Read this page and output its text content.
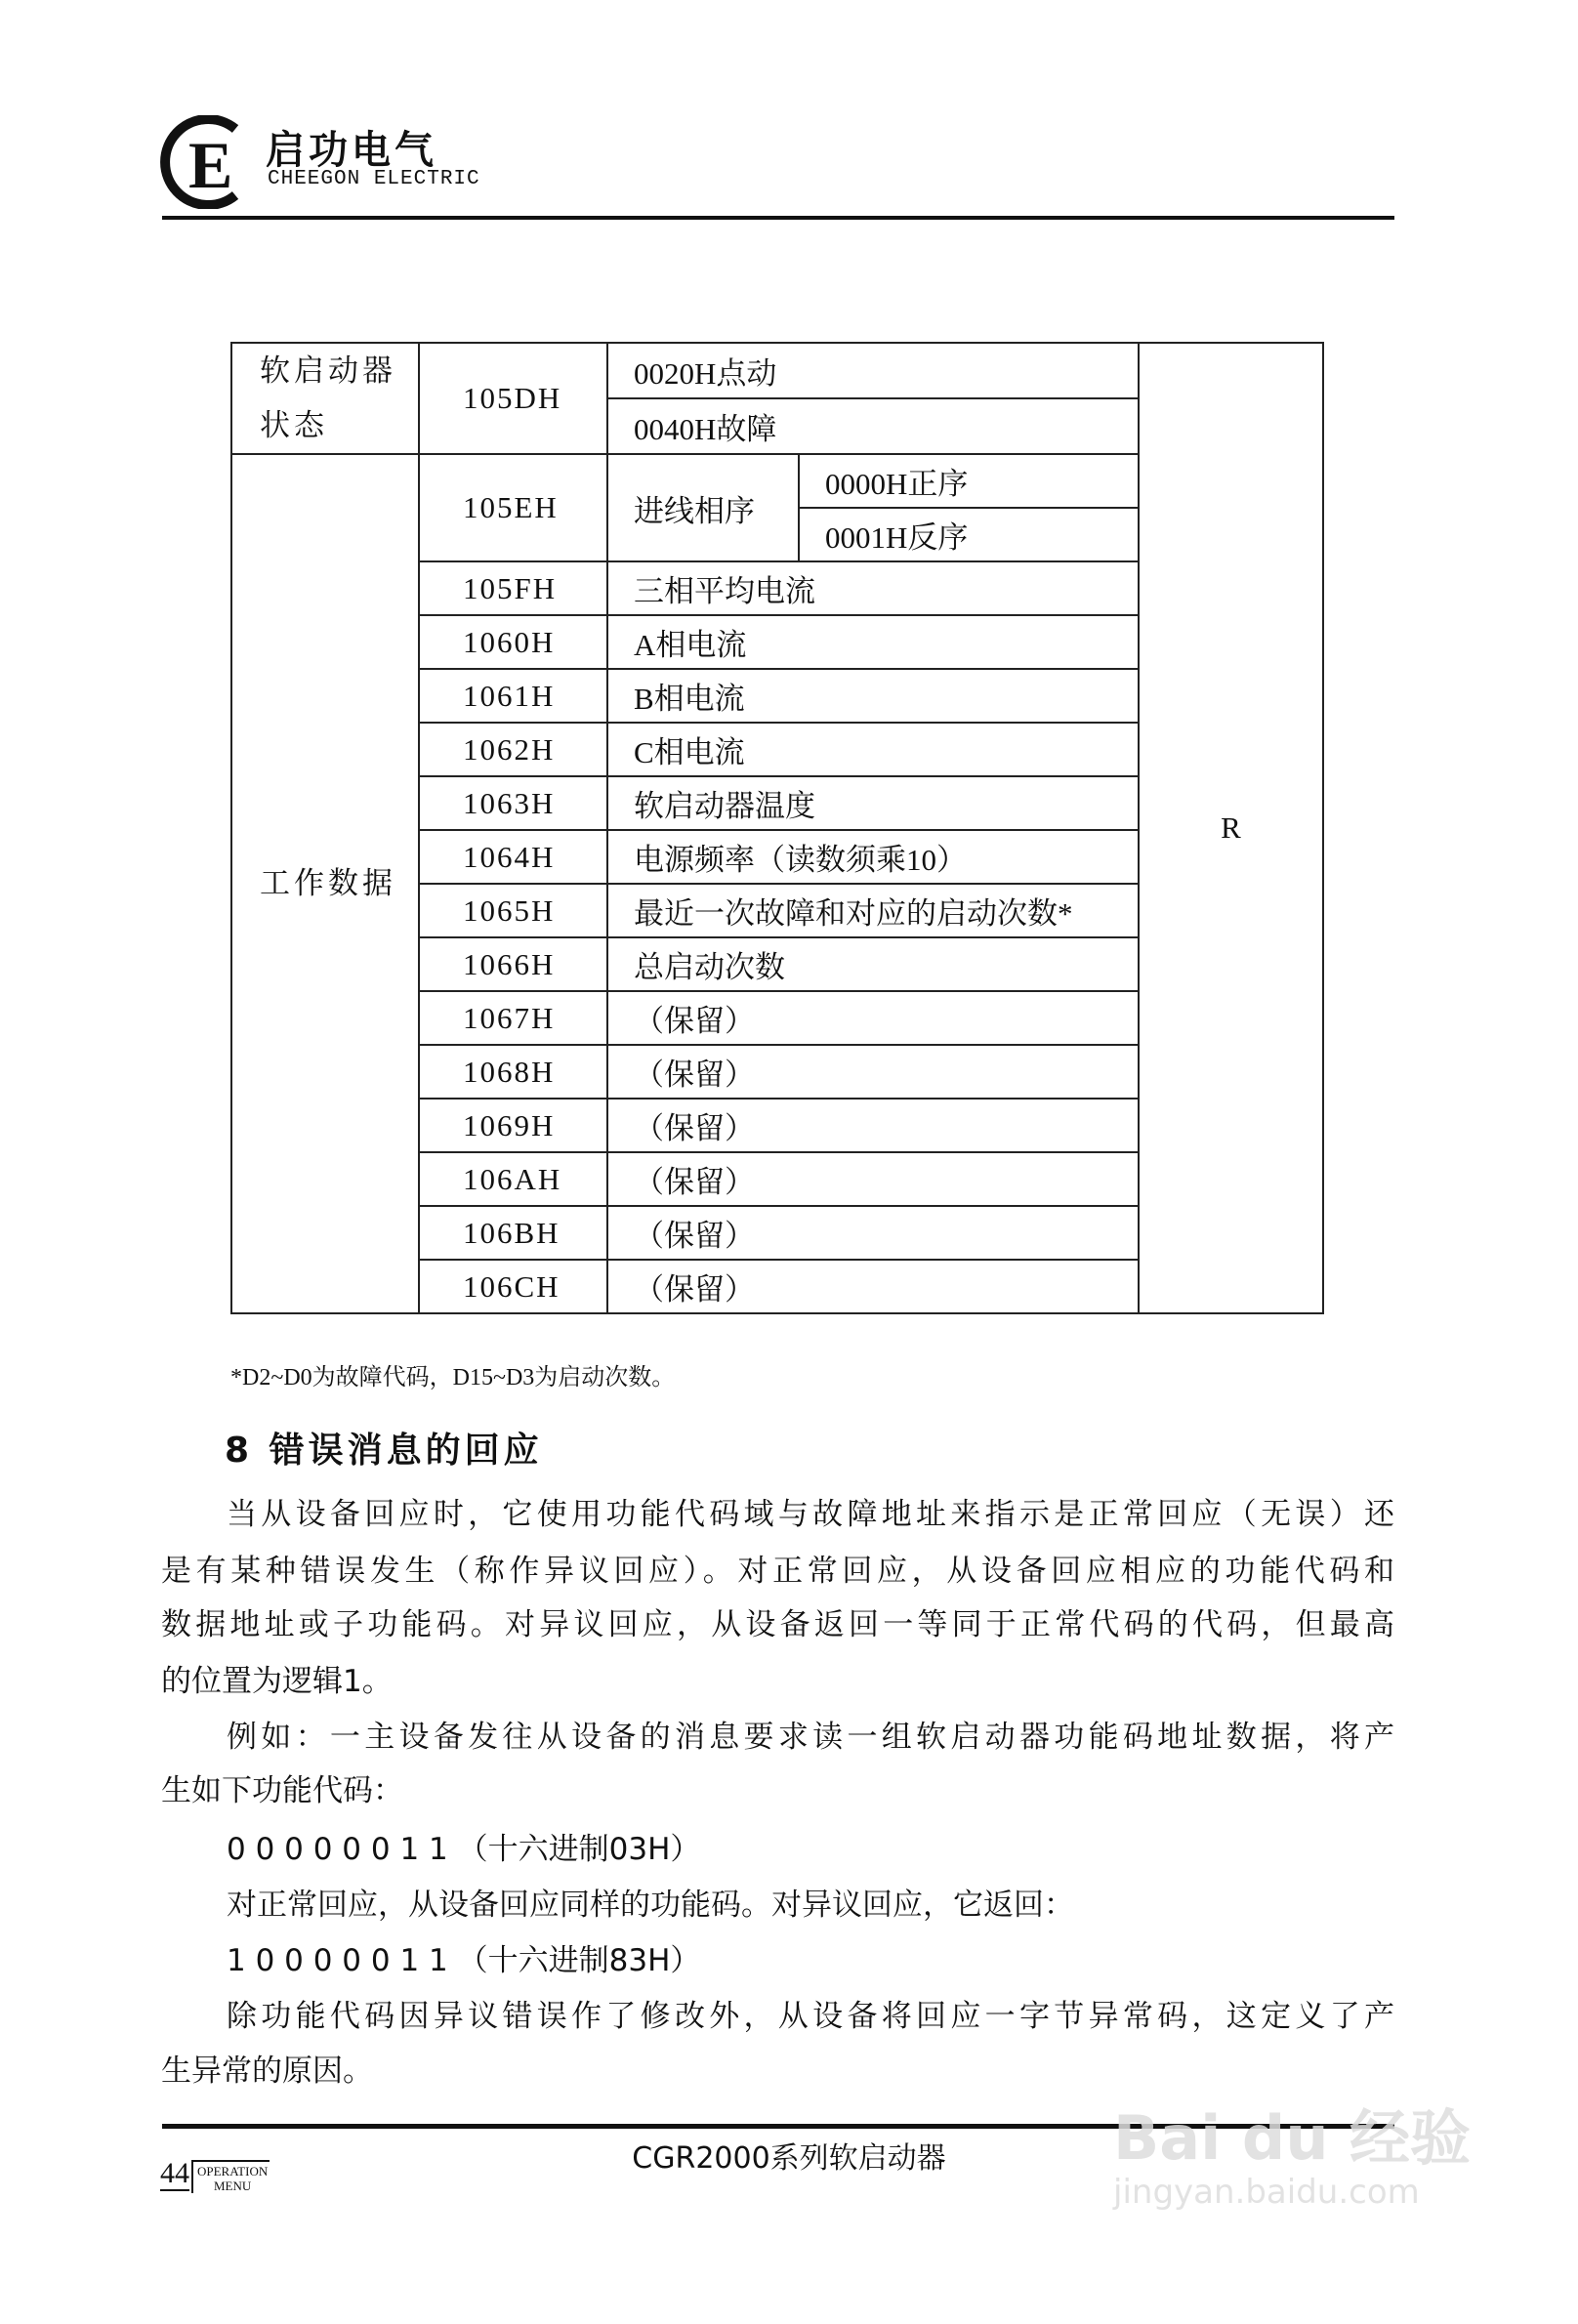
E 启功电气
CHEEGON ELECTRIC
软启动器状态	105DH	0020H点动		R
		0040H故障		
工作数据	105EH	进线相序	0000H正序	
			0001H反序	
	105FH	三相平均电流		
	1060H	A相电流		
	1061H	B相电流		
	1062H	C相电流		
	1063H	软启动器温度		
	1064H	电源频率（读数须乘10）		
	1065H	最近一次故障和对应的启动次数*		
	1066H	总启动次数		
	1067H	（保留）		
	1068H	（保留）		
	1069H	（保留）		
	106AH	（保留）		
	106BH	（保留）		
	106CH	（保留）		
*D2~D0为故障代码，D15~D3为启动次数。
8 错误消息的回应
当从设备回应时，它使用功能代码域与故障地址来指示是正常回应（无误）还
是有某种错误发生（称作异议回应）。对正常回应，从设备回应相应的功能代码和
数据地址或子功能码。对异议回应，从设备返回一等同于正常代码的代码，但最高
的位置为逻辑1。
例如：一主设备发往从设备的消息要求读一组软启动器功能码地址数据，将产
生如下功能代码：
0 0 0 0 0 0 1 1 （十六进制03H）
对正常回应，从设备回应同样的功能码。对异议回应，它返回：
1 0 0 0 0 0 1 1 （十六进制83H）
除功能代码因异议错误作了修改外，从设备将回应一字节异常码，这定义了产
生异常的原因。
CGR2000系列软启动器
44 OPERATION
MENU
Bai du 经验
jingyan.baidu.com
